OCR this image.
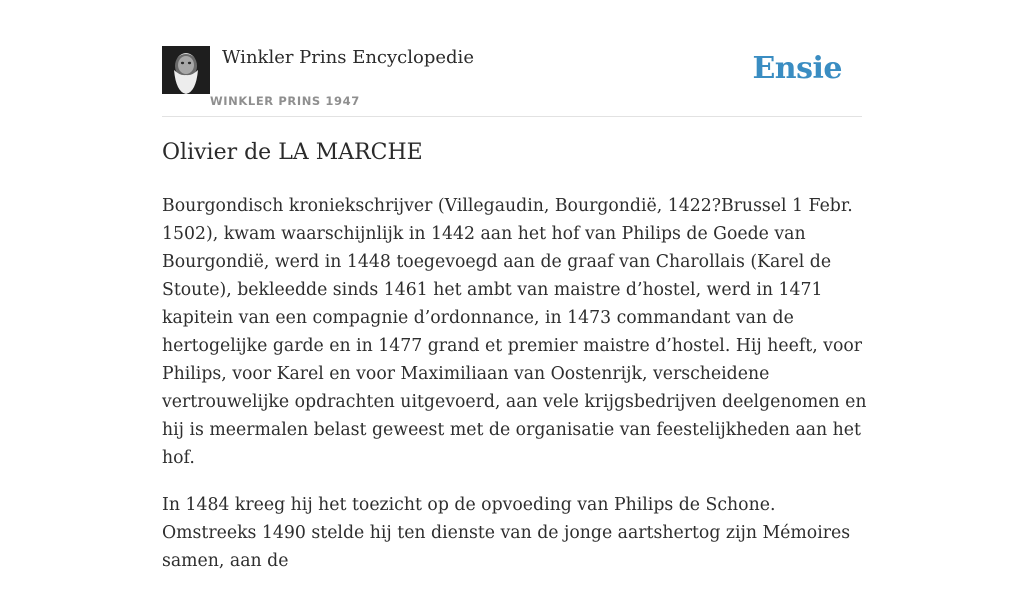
Winkler Prins Encyclopedie
WINKLER PRINS 1947
Ensie
Olivier de LA MARCHE

Bourgondisch kroniekschrijver (Villegaudin, Bourgondië, 1422?Brussel 1 Febr. 1502), kwam waarschijnlijk in 1442 aan het hof van Philips de Goede van Bourgondië, werd in 1448 toegevoegd aan de graaf van Charollais (Karel de Stoute), bekleedde sinds 1461 het ambt van maistre d’hostel, werd in 1471 kapitein van een compagnie d’ordonnance, in 1473 commandant van de hertogelijke garde en in 1477 grand et premier maistre d’hostel. Hij heeft, voor Philips, voor Karel en voor Maximiliaan van Oostenrijk, verscheidene vertrouwelijke opdrachten uitgevoerd, aan vele krijgsbedrijven deelgenomen en hij is meermalen belast geweest met de organisatie van feestelijkheden aan het hof.

In 1484 kreeg hij het toezicht op de opvoeding van Philips de Schone. Omstreeks 1490 stelde hij ten dienste van de jonge aartshertog zijn Mémoires samen, aan de
